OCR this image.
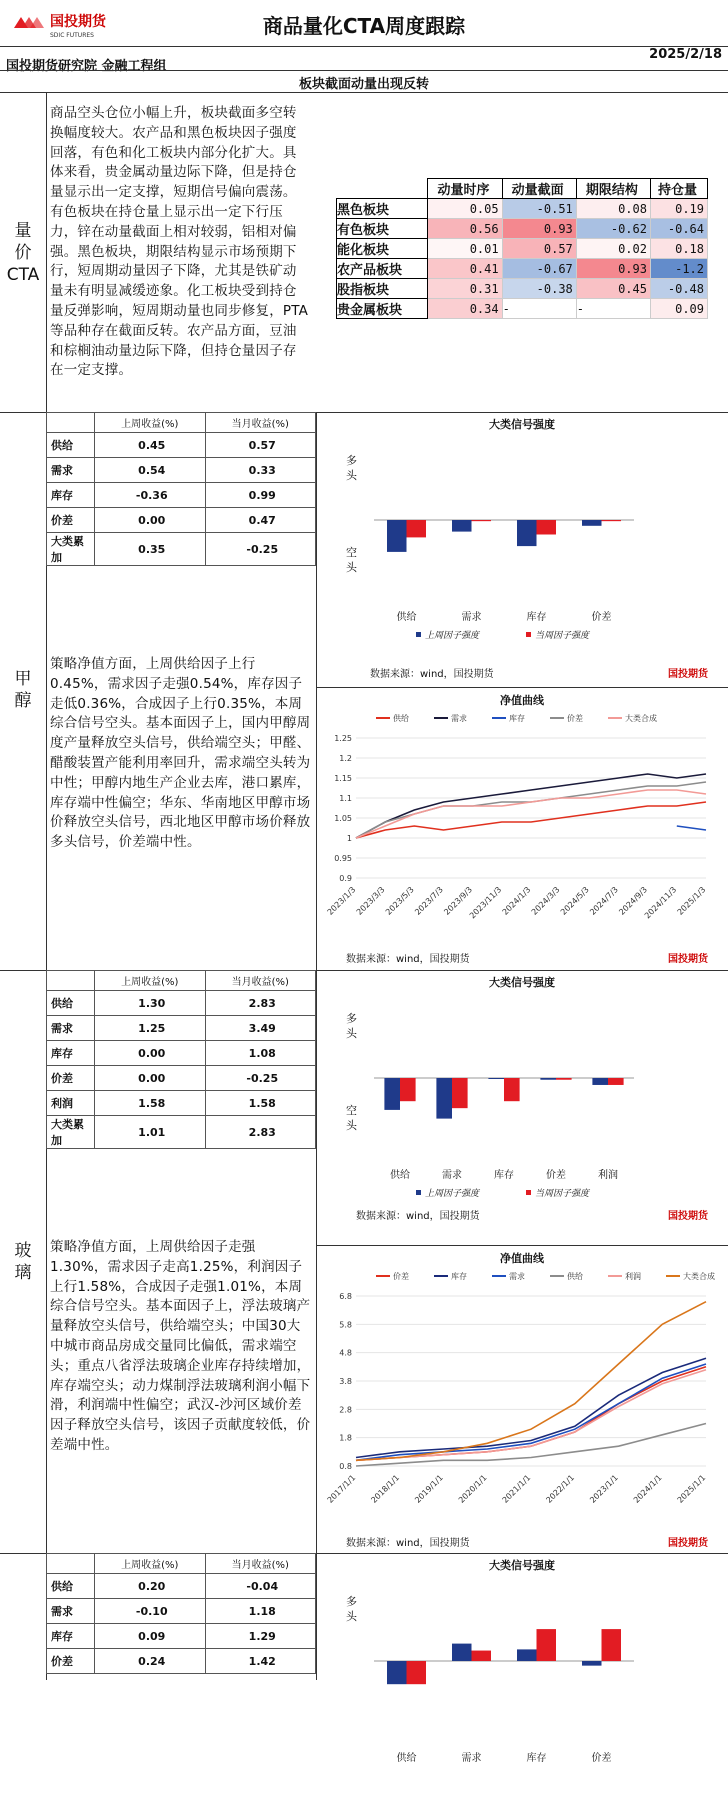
国投期货
SDIC FUTURES	商品量化CTA周度跟踪
国投期货研究院 金融工程组
2025/2/18
板块截面动量出现反转
量
价
CTA
商品空头仓位小幅上升，板块截面多空转换幅度较大。农产品和黑色板块因子强度回落，有色和化工板块内部分化扩大。具体来看，贵金属动量边际下降，但是持仓量显示出一定支撑，短期信号偏向震荡。有色板块在持仓量上显示出一定下行压力，锌在动量截面上相对较弱，铝相对偏强。黑色板块，期限结构显示市场预期下行，短周期动量因子下降，尤其是铁矿动量未有明显减缓迹象。化工板块受到持仓量反弹影响，短周期动量也同步修复，PTA等品种存在截面反转。农产品方面，豆油和棕榈油动量边际下降，但持仓量因子存在一定支撑。
	动量时序	动量截面	期限结构	持仓量
黑色板块	0.05	-0.51	0.08	0.19
有色板块	0.56	0.93	-0.62	-0.64
能化板块	0.01	0.57	0.02	0.18
农产品板块	0.41	-0.67	0.93	-1.2
股指板块	0.31	-0.38	0.45	-0.48
贵金属板块	0.34	-	-	0.09
甲
醇
	上周收益(%)	当月收益(%)
供给	0.45	0.57
需求	0.54	0.33
库存	-0.36	0.99
价差	0.00	0.47
大类累加	0.35	-0.25
策略净值方面，上周供给因子上行0.45%，需求因子走强0.54%，库存因子走低0.36%，合成因子上行0.35%，本周综合信号空头。基本面因子上，国内甲醇周度产量释放空头信号，供给端空头；甲醛、醋酸装置产能利用率回升，需求端空头转为中性；甲醇内地生产企业去库，港口累库，库存端中性偏空；华东、华南地区甲醇市场价释放空头信号，西北地区甲醇市场价释放多头信号，价差端中性。
大类信号强度
多
头
空
头
供给	需求	库存	价差
上周因子强度	当周因子强度
数据来源：wind，国投期货	国投期货
净值曲线
0.9
0.95
1
1.05
1.1
1.15
1.2
1.25
2023/1/3
2023/3/3
2023/5/3
2023/7/3
2023/9/3
2023/11/3
2024/1/3
2024/3/3
2024/5/3
2024/7/3
2024/9/3
2024/11/3
2025/1/3
供给	需求	库存	价差	大类合成
数据来源：wind，国投期货	国投期货
玻
璃
	上周收益(%)	当月收益(%)
供给	1.30	2.83
需求	1.25	3.49
库存	0.00	1.08
价差	0.00	-0.25
利润	1.58	1.58
大类累加	1.01	2.83
策略净值方面，上周供给因子走强1.30%，需求因子走高1.25%，利润因子上行1.58%，合成因子走强1.01%，本周综合信号空头。基本面因子上，浮法玻璃产量释放空头信号，供给端空头；中国30大中城市商品房成交量同比偏低，需求端空头；重点八省浮法玻璃企业库存持续增加，库存端空头；动力煤制浮法玻璃利润小幅下滑，利润端中性偏空；武汉-沙河区域价差因子释放空头信号，该因子贡献度较低，价差端中性。
大类信号强度
多
头
空
头
供给	需求	库存	价差	利润
上周因子强度	当周因子强度
数据来源：wind，国投期货	国投期货
净值曲线
0.8
1.8
2.8
3.8
4.8
5.8
6.8
2017/1/1 2018/1/1 2019/1/1 2020/1/1 2021/1/1 2022/1/1 2023/1/1 2024/1/1 2025/1/1
价差	库存	需求	供给	利润	大类合成
数据来源：wind，国投期货	国投期货
	上周收益(%)	当月收益(%)
供给	0.20	-0.04
需求	-0.10	1.18
库存	0.09	1.29
价差	0.24	1.42
大类信号强度
多
头
供给	需求	库存	价差
